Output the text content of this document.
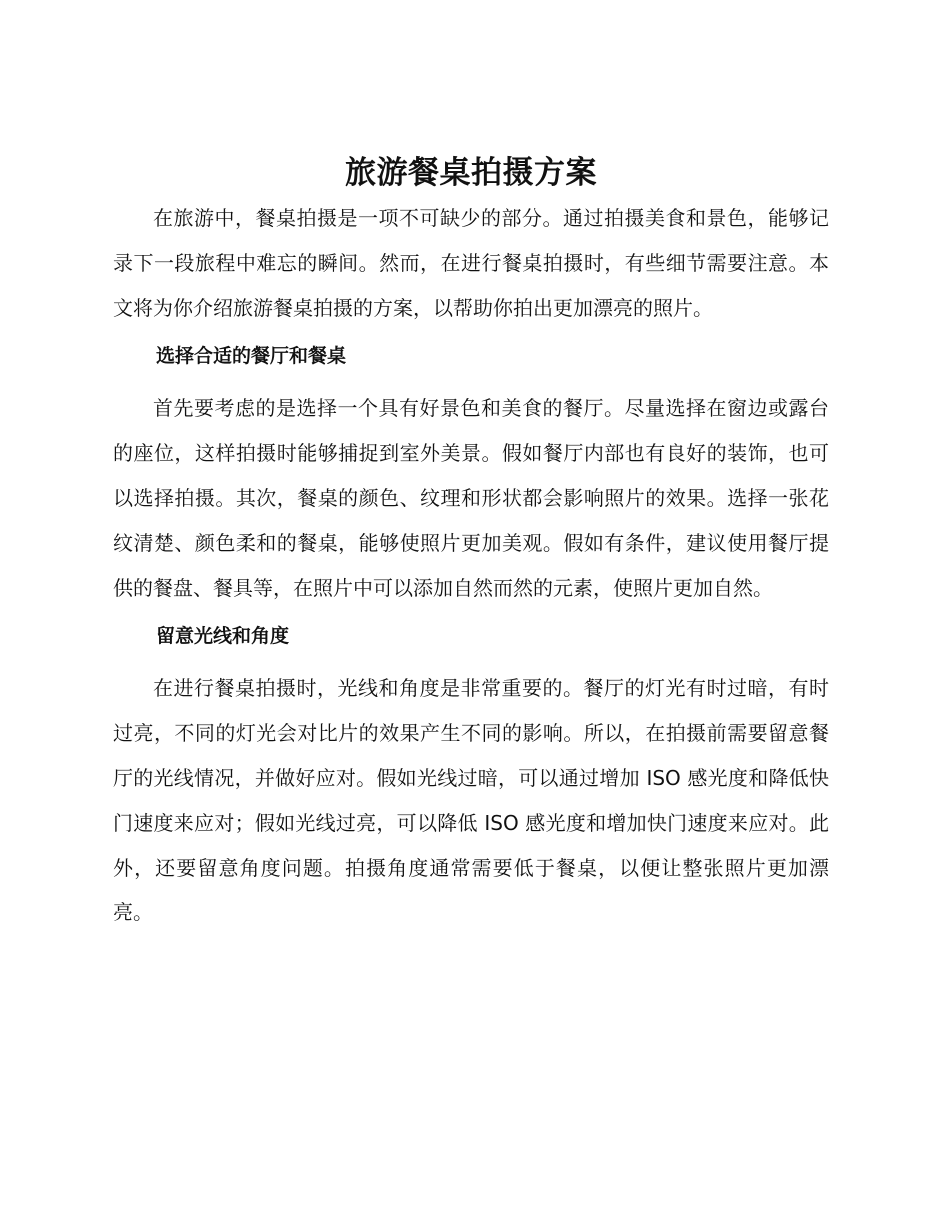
旅游餐桌拍摄方案

在旅游中，餐桌拍摄是一项不可缺少的部分。通过拍摄美食和景色，能够记录下一段旅程中难忘的瞬间。然而，在进行餐桌拍摄时，有些细节需要注意。本文将为你介绍旅游餐桌拍摄的方案，以帮助你拍出更加漂亮的照片。

选择合适的餐厅和餐桌

首先要考虑的是选择一个具有好景色和美食的餐厅。尽量选择在窗边或露台的座位，这样拍摄时能够捕捉到室外美景。假如餐厅内部也有良好的装饰，也可以选择拍摄。其次，餐桌的颜色、纹理和形状都会影响照片的效果。选择一张花纹清楚、颜色柔和的餐桌，能够使照片更加美观。假如有条件，建议使用餐厅提供的餐盘、餐具等，在照片中可以添加自然而然的元素，使照片更加自然。

留意光线和角度

在进行餐桌拍摄时，光线和角度是非常重要的。餐厅的灯光有时过暗，有时过亮，不同的灯光会对比片的效果产生不同的影响。所以，在拍摄前需要留意餐厅的光线情况，并做好应对。假如光线过暗，可以通过增加 ISO 感光度和降低快门速度来应对；假如光线过亮，可以降低 ISO 感光度和增加快门速度来应对。此外，还要留意角度问题。拍摄角度通常需要低于餐桌，以便让整张照片更加漂亮。
